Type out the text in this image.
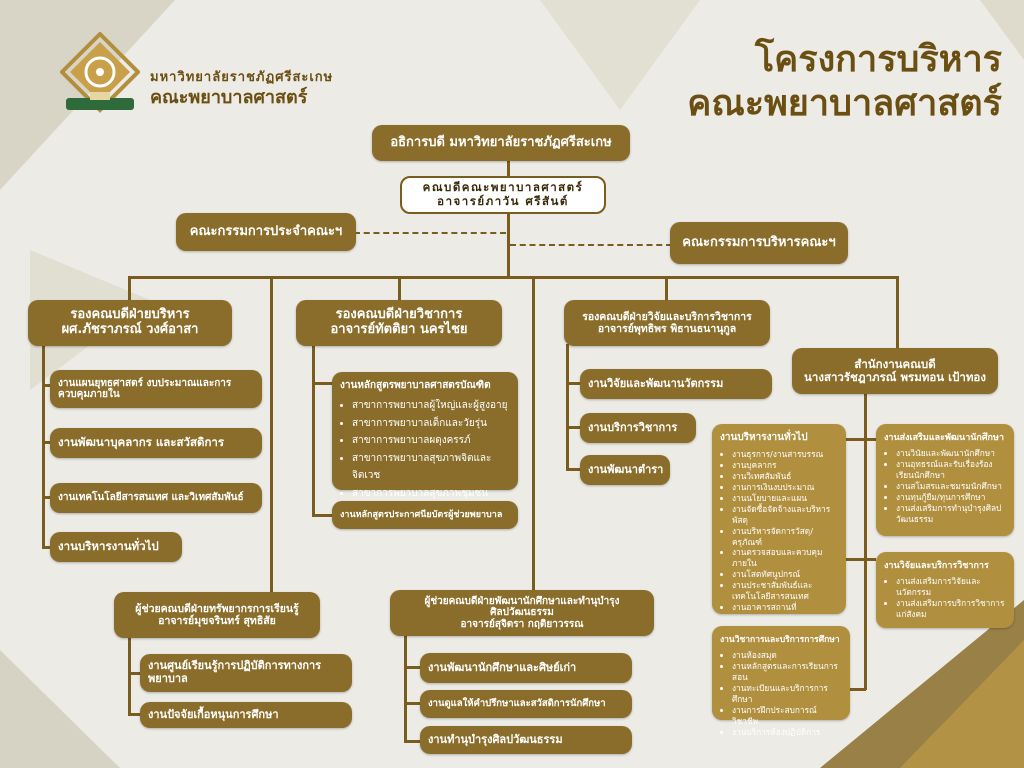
มหาวิทยาลัยราชภัฏศรีสะเกษ
คณะพยาบาลศาสตร์
โครงการบริหาร
คณะพยาบาลศาสตร์
อธิการบดี มหาวิทยาลัยราชภัฏศรีสะเกษ
คณบดีคณะพยาบาลศาสตร์
อาจารย์ภาวัน ศรีสันต์
คณะกรรมการประจำคณะฯ
คณะกรรมการบริหารคณะฯ
รองคณบดีฝ่ายบริหาร
ผศ.ภัชราภรณ์ วงศ์อาสา
งานแผนยุทธศาสตร์ งบประมาณและการควบคุมภายใน
งานพัฒนาบุคลากร และสวัสดิการ
งานเทคโนโลยีสารสนเทศ และวิเทศสัมพันธ์
งานบริหารงานทั่วไป
รองคณบดีฝ่ายวิชาการ
อาจารย์ทัตติยา นครไชย
งานหลักสูตรพยาบาลศาสตรบัณฑิต
• สาขาการพยาบาลผู้ใหญ่และผู้สูงอายุ
• สาขาการพยาบาลเด็กและวัยรุ่น
• สาขาการพยาบาลผดุงครรภ์
• สาขาการพยาบาลสุขภาพจิตและจิตเวช
• สาขาการพยาบาลสุขภาพชุมชน
งานหลักสูตรประกาศนียบัตรผู้ช่วยพยาบาล
รองคณบดีฝ่ายวิจัยและบริการวิชาการ
อาจารย์พุทธิพร พิธานธนานุกูล
งานวิจัยและพัฒนานวัตกรรม
งานบริการวิชาการ
งานพัฒนาตำรา
สำนักงานคณบดี
นางสาวรัชฎาภรณ์ พรมทอน เป้าทอง
งานบริหารงานทั่วไป
• งานธุรการ/งานสารบรรณ
• งานบุคลากร
• งานวิเทศสัมพันธ์
• งานการเงินงบประมาณ
• งานนโยบายและแผน
• งานจัดซื้อจัดจ้างและบริหารพัสดุ
• งานบริหารจัดการวัสดุ/ครุภัณฑ์
• งานตรวจสอบและควบคุมภายใน
• งานโสตทัศนูปกรณ์
• งานประชาสัมพันธ์และเทคโนโลยีสารสนเทศ
• งานอาคารสถานที่
งานส่งเสริมและพัฒนานักศึกษา
• งานวินัยและพัฒนานักศึกษา
• งานอุทธรณ์และรับเรื่องร้องเรียนนักศึกษา
• งานสโมสรและชมรมนักศึกษา
• งานทุนกู้ยืม/ทุนการศึกษา
• งานส่งเสริมการทำนุบำรุงศิลปวัฒนธรรม
งานวิจัยและบริการวิชาการ
• งานส่งเสริมการวิจัยและนวัตกรรม
• งานส่งเสริมการบริการวิชาการแก่สังคม
งานวิชาการและบริการการศึกษา
• งานห้องสมุด
• งานหลักสูตรและการเรียนการสอน
• งานทะเบียนและบริการการศึกษา
• งานการฝึกประสบการณ์วิชาชีพ
• งานบริการห้องปฏิบัติการ
ผู้ช่วยคณบดีฝ่ายทรัพยากรการเรียนรู้
อาจารย์มุขจรินทร์ สุทธิสัย
งานศูนย์เรียนรู้การปฏิบัติการทางการพยาบาล
งานปัจจัยเกื้อหนุนการศึกษา
ผู้ช่วยคณบดีฝ่ายพัฒนานักศึกษาและทำนุบำรุง
ศิลปวัฒนธรรม
อาจารย์สุจิตรา กฤติยาวรรณ
งานพัฒนานักศึกษาและศิษย์เก่า
งานดูแลให้คำปรึกษาและสวัสดิการนักศึกษา
งานทำนุบำรุงศิลปวัฒนธรรม
